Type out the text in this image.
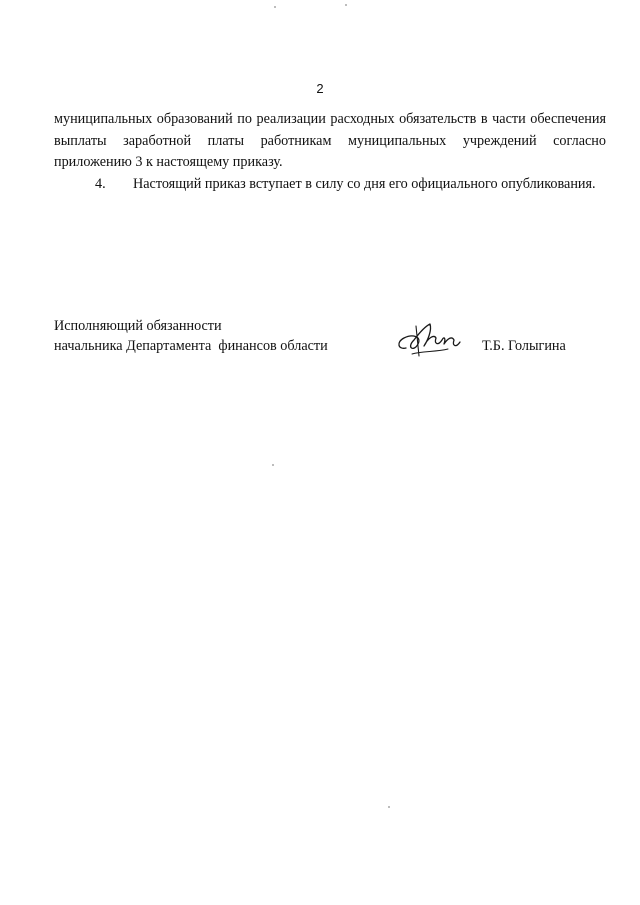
2
муниципальных образований по реализации расходных обязательств в части обеспечения выплаты заработной платы работникам муниципальных учреждений согласно приложению 3 к настоящему приказу.
4. Настоящий приказ вступает в силу со дня его официального опубликования.
Исполняющий обязанности
начальника Департамента  финансов области	Т.Б. Голыгина
